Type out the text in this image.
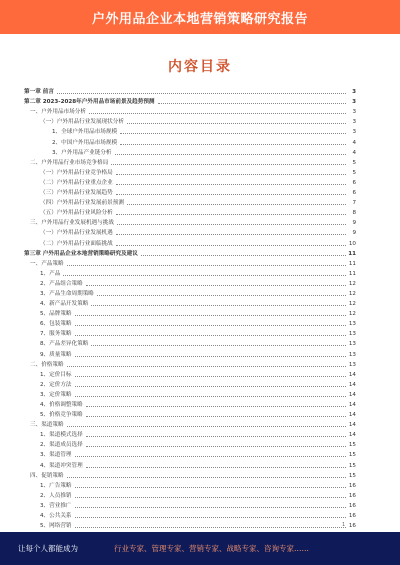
户外用品企业本地营销策略研究报告
内容目录
第一章 前言	3
第二章 2023-2028年户外用品市场前景及趋势预测	3
一、户外用品市场分析	3
（一）户外用品行业发展现状分析	3
1、全球户外用品市场规模	3
2、中国户外用品市场规模	4
3、户外用品产业链分析	4
二、户外用品行业市场竞争格局	5
（一）户外用品行业竞争格局	5
（二）户外用品行业重点企业	6
（三）户外用品行业发展趋势	6
（四）户外用品行业发展前景预测	7
（五）户外用品行业风险分析	8
三、户外用品行业发展机遇与挑战	9
（一）户外用品行业发展机遇	9
（二）户外用品行业面临挑战	10
第三章 户外用品企业本地营销策略研究及建议	11
一、产品策略	11
1、产品	11
2、产品组合策略	12
3、产品生命周期策略	12
4、新产品开发策略	12
5、品牌策略	12
6、包装策略	13
7、服务策略	13
8、产品差异化策略	13
9、质量策略	13
二、价格策略	13
1、定价目标	14
2、定价方法	14
3、定价策略	14
4、价格调整策略	14
5、价格竞争策略	14
三、渠道策略	14
1、渠道模式选择	14
2、渠道成员选择	15
3、渠道管理	15
4、渠道冲突管理	15
四、促销策略	15
1、广告策略	16
2、人员推销	16
3、营业推广	16
4、公共关系	16
5、网络营销	16
1
让每个人都能成为	行业专家、管理专家、营销专家、战略专家、咨询专家……
